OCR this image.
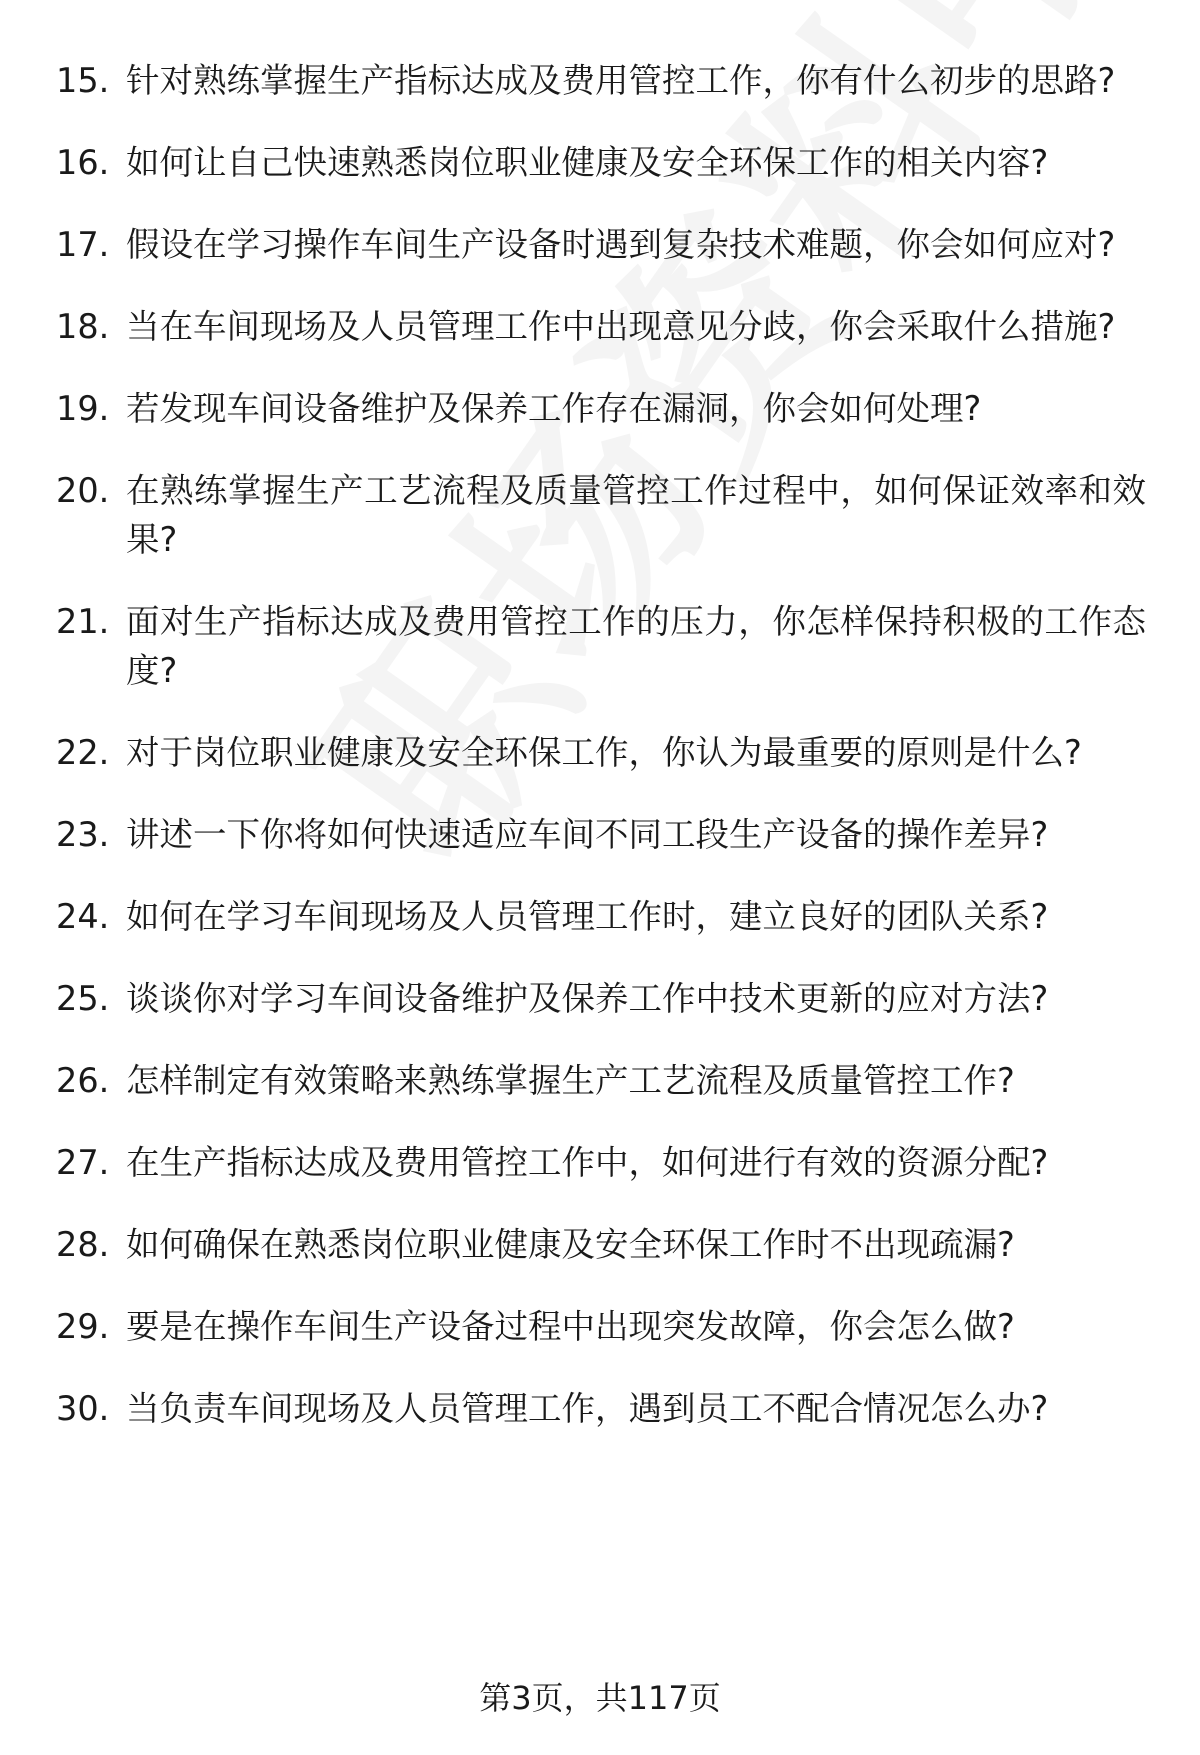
15. 针对熟练掌握生产指标达成及费用管控工作，你有什么初步的思路?
16. 如何让自己快速熟悉岗位职业健康及安全环保工作的相关内容?
17. 假设在学习操作车间生产设备时遇到复杂技术难题，你会如何应对?
18. 当在车间现场及人员管理工作中出现意见分歧，你会采取什么措施?
19. 若发现车间设备维护及保养工作存在漏洞，你会如何处理?
20. 在熟练掌握生产工艺流程及质量管控工作过程中，如何保证效率和效果?
21. 面对生产指标达成及费用管控工作的压力，你怎样保持积极的工作态度?
22. 对于岗位职业健康及安全环保工作，你认为最重要的原则是什么?
23. 讲述一下你将如何快速适应车间不同工段生产设备的操作差异?
24. 如何在学习车间现场及人员管理工作时，建立良好的团队关系?
25. 谈谈你对学习车间设备维护及保养工作中技术更新的应对方法?
26. 怎样制定有效策略来熟练掌握生产工艺流程及质量管控工作?
27. 在生产指标达成及费用管控工作中，如何进行有效的资源分配?
28. 如何确保在熟悉岗位职业健康及安全环保工作时不出现疏漏?
29. 要是在操作车间生产设备过程中出现突发故障，你会怎么做?
30. 当负责车间现场及人员管理工作，遇到员工不配合情况怎么办?
第3页，共117页
